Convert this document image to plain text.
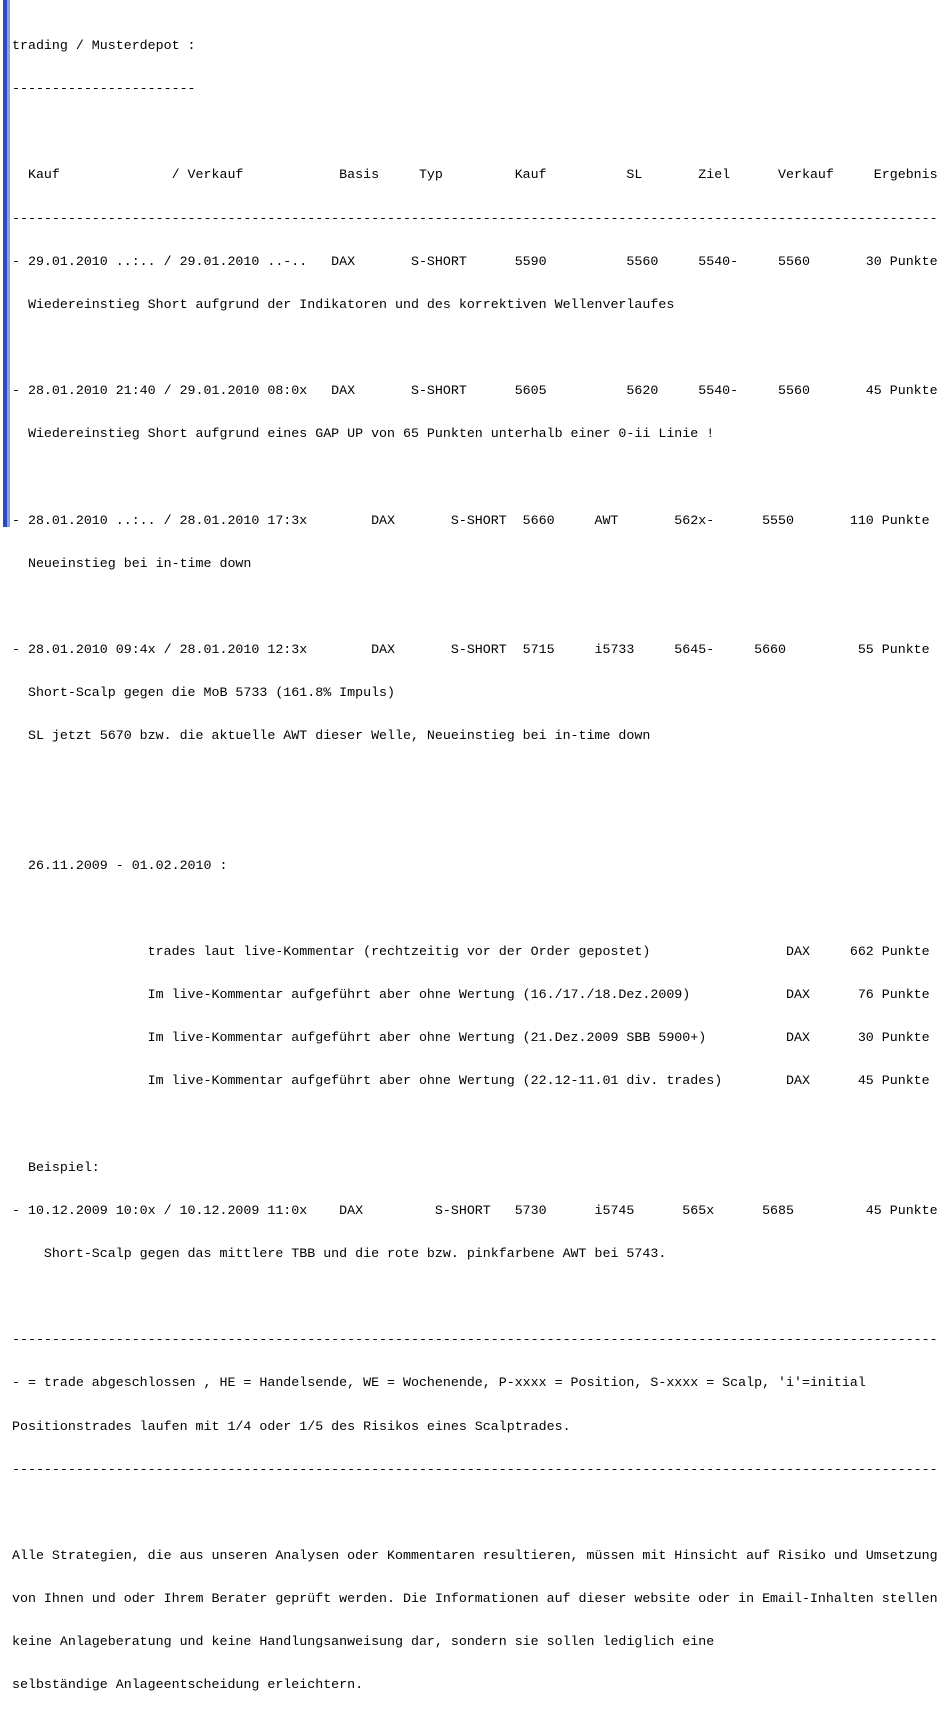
trading / Musterdepot :

-----------------------

Kauf              / Verkauf            Basis     Typ         Kauf          SL       Ziel      Verkauf     Ergebnis

--------------------------------------------------------------------------------------------------------------------

- 29.01.2010 ..:.. / 29.01.2010 ..-..   DAX       S-SHORT      5590          5560     5540-     5560       30 Punkte

Wiedereinstieg Short aufgrund der Indikatoren und des korrektiven Wellenverlaufes

- 28.01.2010 21:40 / 29.01.2010 08:0x   DAX       S-SHORT      5605          5620     5540-     5560       45 Punkte

Wiedereinstieg Short aufgrund eines GAP UP von 65 Punkten unterhalb einer 0-ii Linie !

- 28.01.2010 ..:.. / 28.01.2010 17:3x        DAX       S-SHORT  5660     AWT       562x-      5550       110 Punkte

Neueinstieg bei in-time down

- 28.01.2010 09:4x / 28.01.2010 12:3x        DAX       S-SHORT  5715     i5733     5645-     5660         55 Punkte

Short-Scalp gegen die MoB 5733 (161.8% Impuls)

SL jetzt 5670 bzw. die aktuelle AWT dieser Welle, Neueinstieg bei in-time down

26.11.2009 - 01.02.2010 :

trades laut live-Kommentar (rechtzeitig vor der Order gepostet)                 DAX     662 Punkte

Im live-Kommentar aufgeführt aber ohne Wertung (16./17./18.Dez.2009)            DAX      76 Punkte

Im live-Kommentar aufgeführt aber ohne Wertung (21.Dez.2009 SBB 5900+)          DAX      30 Punkte

Im live-Kommentar aufgeführt aber ohne Wertung (22.12-11.01 div. trades)        DAX      45 Punkte

Beispiel:

- 10.12.2009 10:0x / 10.12.2009 11:0x    DAX         S-SHORT   5730      i5745      565x      5685         45 Punkte

Short-Scalp gegen das mittlere TBB und die rote bzw. pinkfarbene AWT bei 5743.

--------------------------------------------------------------------------------------------------------------------

- = trade abgeschlossen , HE = Handelsende, WE = Wochenende, P-xxxx = Position, S-xxxx = Scalp, 'i'=initial

Positionstrades laufen mit 1/4 oder 1/5 des Risikos eines Scalptrades.

--------------------------------------------------------------------------------------------------------------------

Alle Strategien, die aus unseren Analysen oder Kommentaren resultieren, müssen mit Hinsicht auf Risiko und Umsetzung

von Ihnen und oder Ihrem Berater geprüft werden. Die Informationen auf dieser website oder in Email-Inhalten stellen

keine Anlageberatung und keine Handlungsanweisung dar, sondern sie sollen lediglich eine

selbständige Anlageentscheidung erleichtern.
